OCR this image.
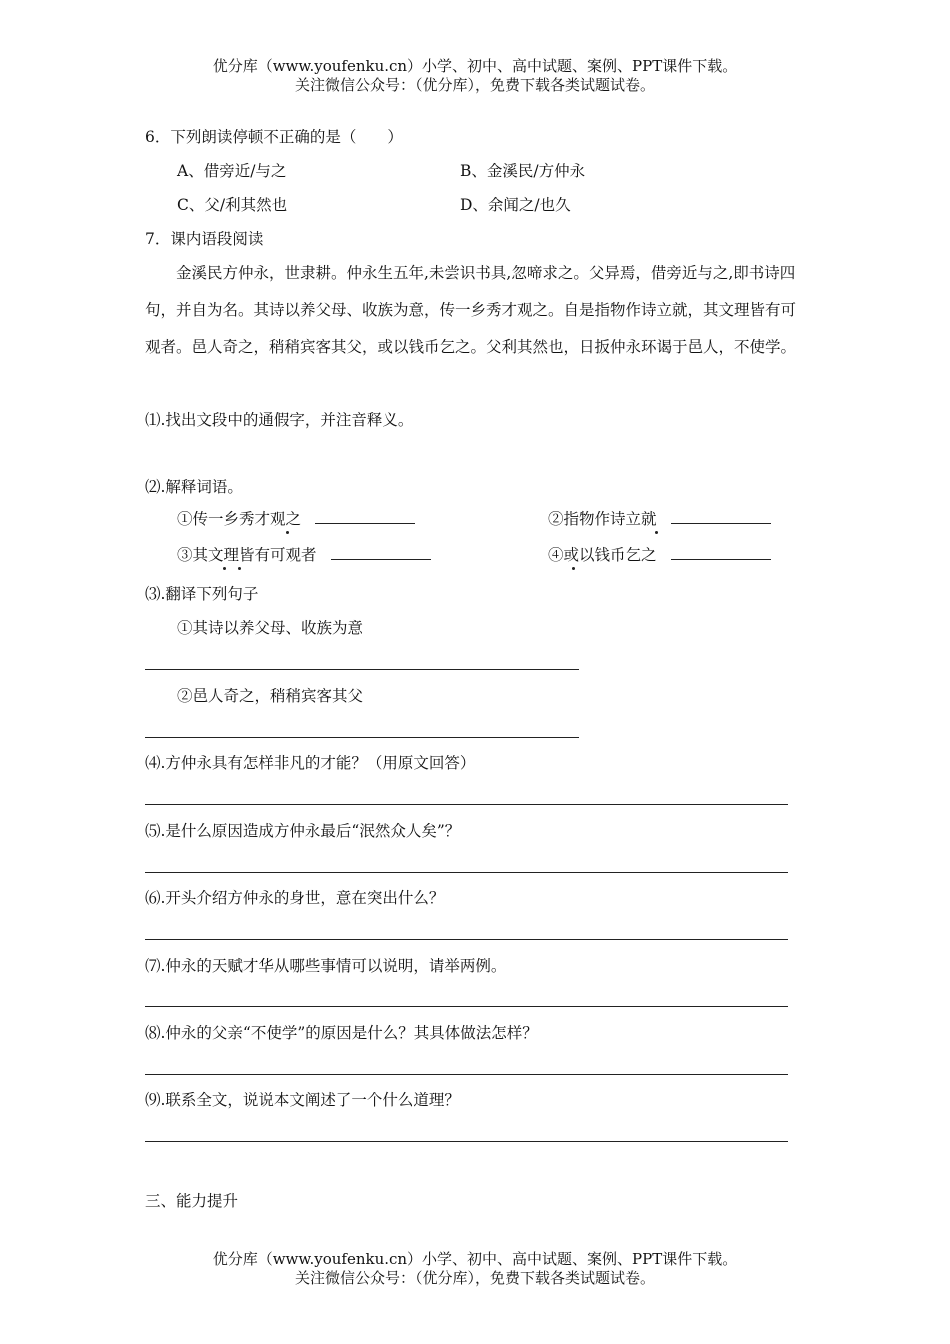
优分库（www.youfenku.cn）小学、初中、高中试题、案例、PPT课件下载。
关注微信公众号：（优分库），免费下载各类试题试卷。
6．下列朗读停顿不正确的是（　　）
A、借旁近/与之	B、金溪民/方仲永
C、父/利其然也	D、余闻之/也久
7．课内语段阅读
金溪民方仲永，世隶耕。仲永生五年,未尝识书具,忽啼求之。父异焉，借旁近与之,即书诗四句，并自为名。其诗以养父母、收族为意，传一乡秀才观之。自是指物作诗立就，其文理皆有可观者。邑人奇之，稍稍宾客其父，或以钱币乞之。父利其然也，日扳仲永环谒于邑人，不使学。
⑴.找出文段中的通假字，并注音释义。
⑵.解释词语。
①传一乡秀才观之	②指物作诗立就
③其文理皆有可观者	④或以钱币乞之
⑶.翻译下列句子
①其诗以养父母、收族为意
②邑人奇之，稍稍宾客其父
⑷.方仲永具有怎样非凡的才能？（用原文回答）
⑸.是什么原因造成方仲永最后“泯然众人矣”？
⑹.开头介绍方仲永的身世，意在突出什么？
⑺.仲永的天赋才华从哪些事情可以说明，请举两例。
⑻.仲永的父亲“不使学”的原因是什么？其具体做法怎样？
⑼.联系全文，说说本文阐述了一个什么道理？
三、能力提升
优分库（www.youfenku.cn）小学、初中、高中试题、案例、PPT课件下载。
关注微信公众号：（优分库），免费下载各类试题试卷。
